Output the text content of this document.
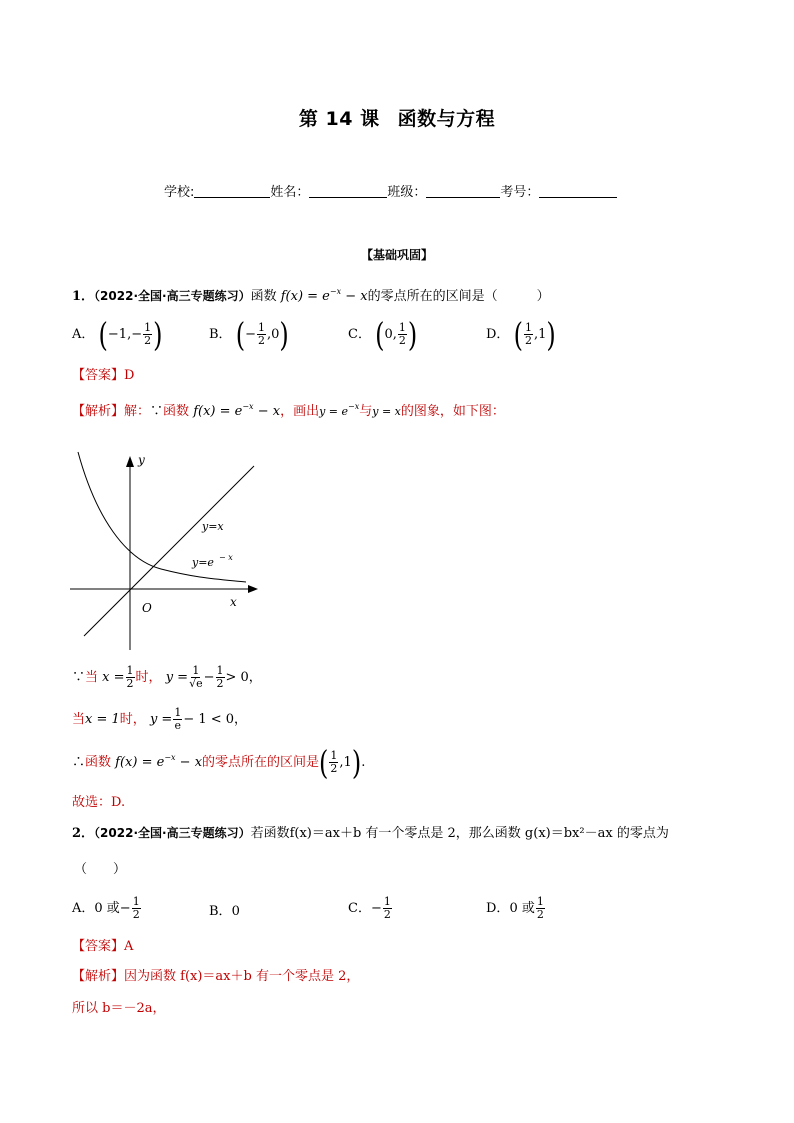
第 14 课 函数与方程
学校:	姓名：	班级：	考号：
【基础巩固】
1．（2022·全国·高三专题练习）函数 $f(x) = e^{-x} - x$的零点所在的区间是（　　　）
A． ($-1,- \frac{1}{2}$ )	B． (− $\frac{1}{2} ,0$)	C． (0, $\frac{1}{2}$ )	D． ( $\frac{1}{2} ,1$)
【答案】D
【解析】解：∵函数 $f(x) = e^{-x} - x$，画出$y = e^{-x}$与y = x的图象，如下图：
y
x
O
y=x
y=e − x
∵当 $x = \frac{1}{2}$ 时， $y = \frac{1}{√e} - \frac{1}{2} > 0$，
当x = 1时， $y = \frac{1}{e} - 1 < 0$，
∴函数 $f(x) = e^{-x} - x$的零点所在的区间是( $\frac{1}{2} ,1$).
故选：D.
2．（2022·全国·高三专题练习）若函数f(x)＝ax＋b 有一个零点是 2，那么函数 g(x)＝bx²－ax 的零点为
（　　）
A．0 或− $\frac{1}{2}$	B．0	C．− $\frac{1}{2}$	D．0 或 $\frac{1}{2}$
【答案】A
【解析】因为函数 f(x)＝ax＋b 有一个零点是 2，
所以 b＝－2a，
